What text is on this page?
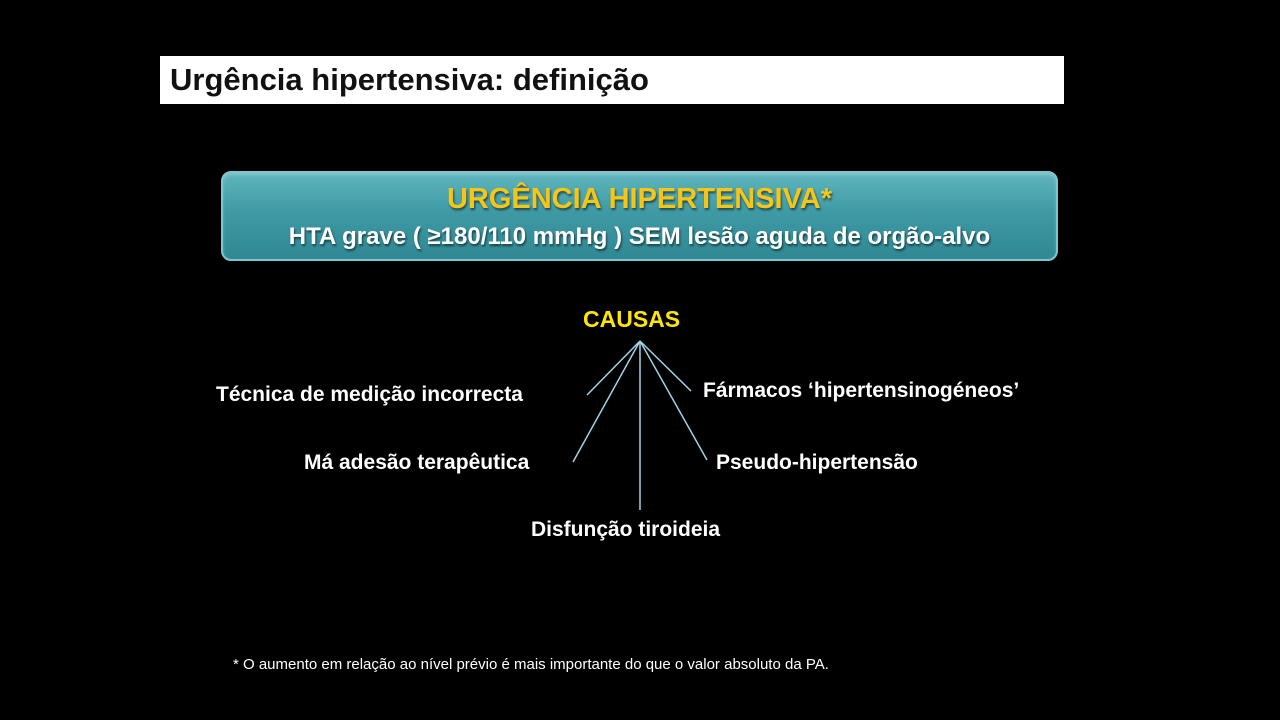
Urgência hipertensiva: definição
URGÊNCIA HIPERTENSIVA*
HTA grave ( ≥180/110 mmHg ) SEM lesão aguda de orgão-alvo
CAUSAS
Técnica de medição incorrecta	Fármacos ‘hipertensinogéneos’
Má adesão terapêutica	Pseudo-hipertensão
Disfunção tiroideia
* O aumento em relação ao nível prévio é mais importante do que o valor absoluto da PA.
